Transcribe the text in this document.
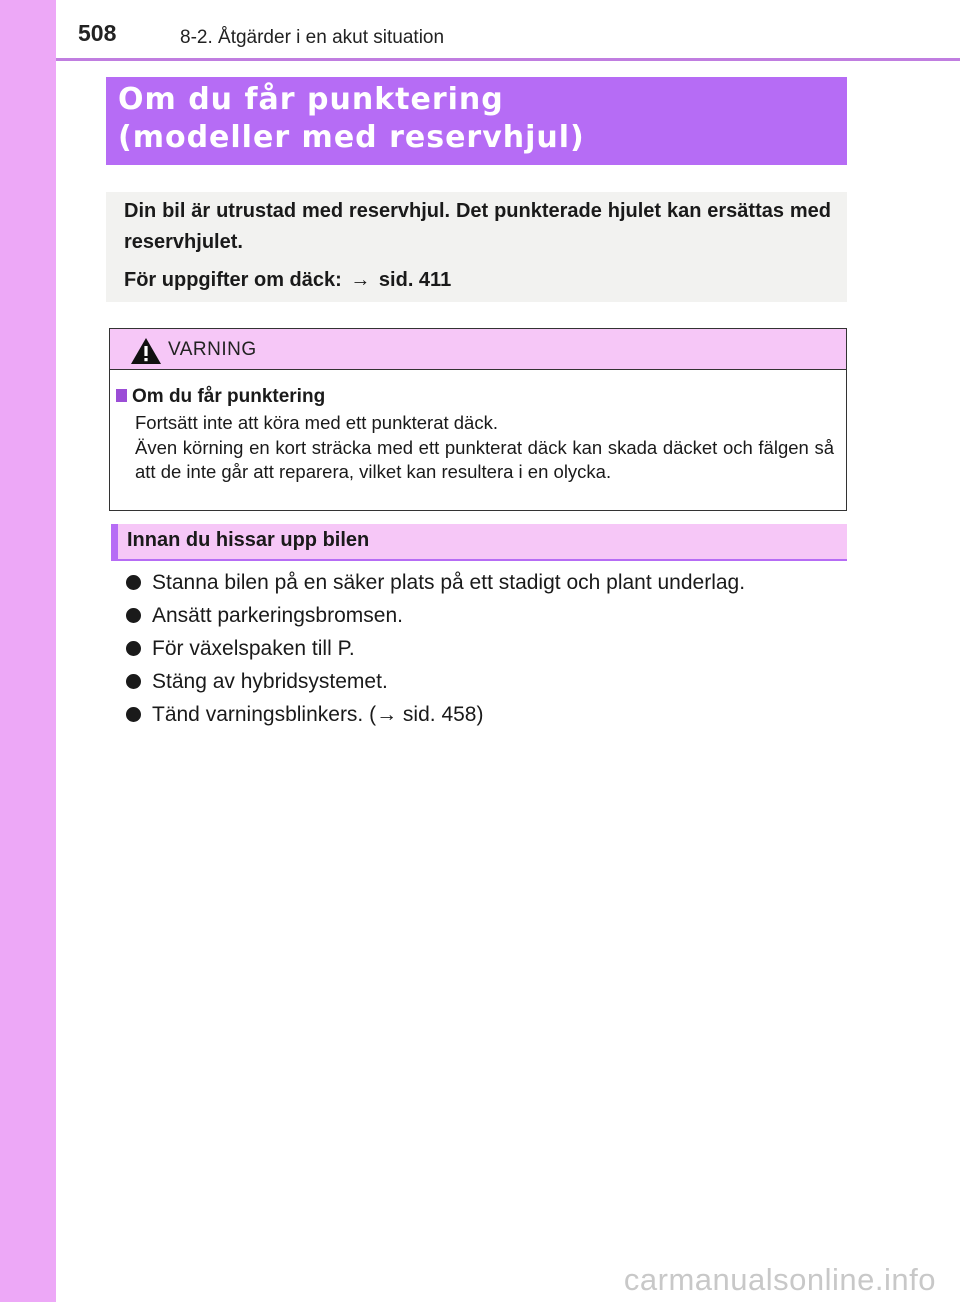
508	8-2. Åtgärder i en akut situation
Om du får punktering
(modeller med reservhjul)

Din bil är utrustad med reservhjul. Det punkterade hjulet kan ersättas med reservhjulet.

För uppgifter om däck: → sid. 411
VARNING
Om du får punktering
Fortsätt inte att köra med ett punkterat däck.
Även körning en kort sträcka med ett punkterat däck kan skada däcket och fälgen så att de inte går att reparera, vilket kan resultera i en olycka.
Innan du hissar upp bilen
Stanna bilen på en säker plats på ett stadigt och plant underlag.
Ansätt parkeringsbromsen.
För växelspaken till P.
Stäng av hybridsystemet.
Tänd varningsblinkers. (→ sid. 458)
carmanualsonline.info
